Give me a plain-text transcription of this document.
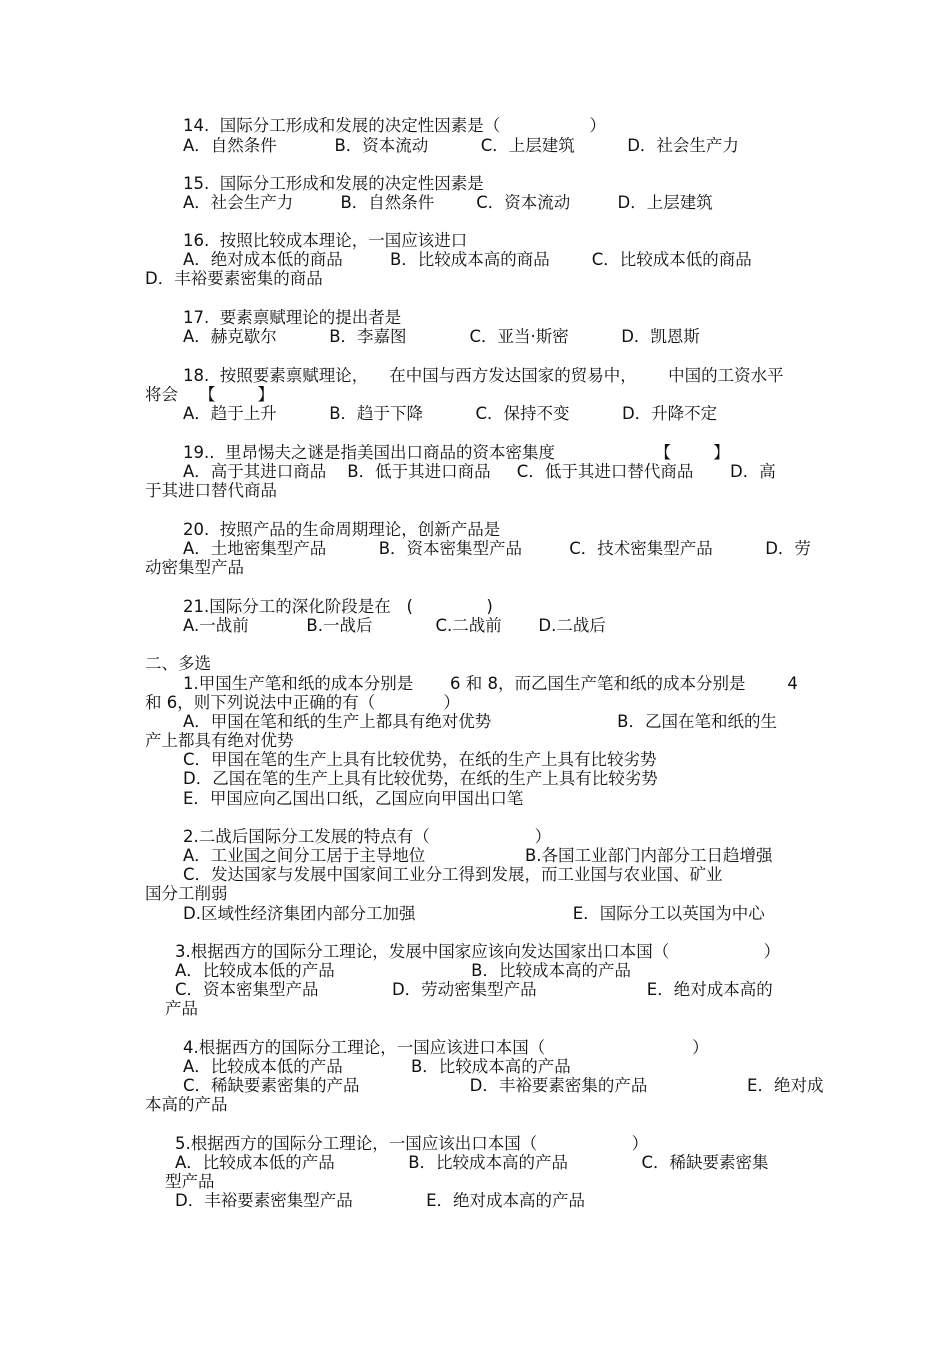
14.  国际分工形成和发展的决定性因素是（                 ）
A．自然条件           B．资本流动          C．上层建筑          D．社会生产力
15.  国际分工形成和发展的决定性因素是
A．社会生产力         B．自然条件        C．资本流动         D．上层建筑
16.  按照比较成本理论，一国应该进口
A．绝对成本低的商品         B．比较成本高的商品        C．比较成本低的商品
D．丰裕要素密集的商品
17.  要素禀赋理论的提出者是
A．赫克歇尔          B．李嘉图            C．亚当·斯密          D．凯恩斯
18.  按照要素禀赋理论，    在中国与西方发达国家的贸易中，      中国的工资水平
将会    【        】
A．趋于上升          B．趋于下降          C．保持不变          D．升降不定
19..  里昂惕夫之谜是指美国出口商品的资本密集度                   【        】
A．高于其进口商品    B．低于其进口商品     C．低于其进口替代商品       D．高
于其进口替代商品
20.  按照产品的生命周期理论，创新产品是
A．土地密集型产品          B．资本密集型产品         C．技术密集型产品          D．劳
动密集型产品
21.国际分工的深化阶段是在   (              )
A.一战前           B.一战后            C.二战前       D.二战后
二、多选
1.甲国生产笔和纸的成本分别是       6 和 8，而乙国生产笔和纸的成本分别是        4
和 6，则下列说法中正确的有（             ）
A．甲国在笔和纸的生产上都具有绝对优势                        B．乙国在笔和纸的生
产上都具有绝对优势
C．甲国在笔的生产上具有比较优势，在纸的生产上具有比较劣势
D．乙国在笔的生产上具有比较优势，在纸的生产上具有比较劣势
E．甲国应向乙国出口纸，乙国应向甲国出口笔
2.二战后国际分工发展的特点有（                    ）
A．工业国之间分工居于主导地位                   B.各国工业部门内部分工日趋增强
C．发达国家与发展中国家间工业分工得到发展，而工业国与农业国、矿业
国分工削弱
D.区域性经济集团内部分工加强                              E．国际分工以英国为中心
3.根据西方的国际分工理论，发展中国家应该向发达国家出口本国（                  ）
A．比较成本低的产品                          B．比较成本高的产品
C．资本密集型产品              D．劳动密集型产品                     E．绝对成本高的
产品
4.根据西方的国际分工理论，一国应该进口本国（                            ）
A．比较成本低的产品             B．比较成本高的产品
C．稀缺要素密集的产品                     D．丰裕要素密集的产品                   E．绝对成
本高的产品
5.根据西方的国际分工理论，一国应该出口本国（                  ）
A．比较成本低的产品              B．比较成本高的产品              C．稀缺要素密集
型产品
D．丰裕要素密集型产品              E．绝对成本高的产品
